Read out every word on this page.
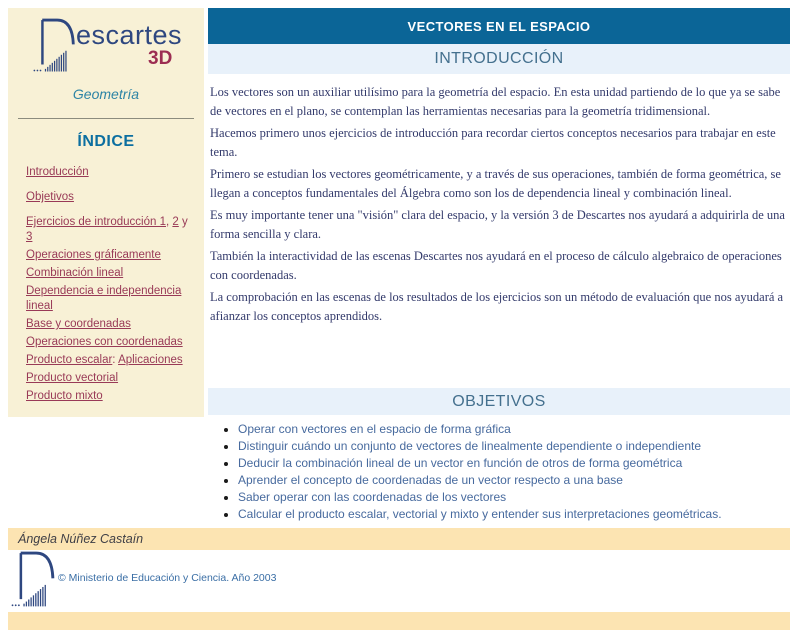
escartes
3D
Geometría
ÍNDICE
Introducción
Objetivos
Ejercicios de introducción 1, 2 y 3
Operaciones gráficamente
Combinación lineal
Dependencia e independencia lineal
Base y coordenadas
Operaciones con coordenadas
Producto escalar: Aplicaciones
Producto vectorial
Producto mixto
VECTORES EN EL ESPACIO
INTRODUCCIÓN

Los vectores son un auxiliar utilísimo para la geometría del espacio. En esta unidad partiendo de lo que ya se sabe de vectores en el plano, se contemplan las herramientas necesarias para la geometría tridimensional.

Hacemos primero unos ejercicios de introducción para recordar ciertos conceptos necesarios para trabajar en este tema.

Primero se estudian los vectores geométricamente, y a través de sus operaciones, también de forma geométrica, se llegan a conceptos fundamentales del Álgebra como son los de dependencia lineal y combinación lineal.

Es muy importante tener una "visión" clara del espacio, y la versión 3 de Descartes nos ayudará a adquirirla de una forma sencilla y clara.

También la interactividad de las escenas Descartes nos ayudará en el proceso de cálculo algebraico de operaciones con coordenadas.

La comprobación en las escenas de los resultados de los ejercicios son un método de evaluación que nos ayudará a afianzar los conceptos aprendidos.

OBJETIVOS
• Operar con vectores en el espacio de forma gráfica
• Distinguir cuándo un conjunto de vectores de linealmente dependiente o independiente
• Deducir la combinación lineal de un vector en función de otros de forma geométrica
• Aprender el concepto de coordenadas de un vector respecto a una base
• Saber operar con las coordenadas de los vectores
• Calcular el producto escalar, vectorial y mixto y entender sus interpretaciones geométricas.
Ángela Núñez Castaín
© Ministerio de Educación y Ciencia. Año 2003
